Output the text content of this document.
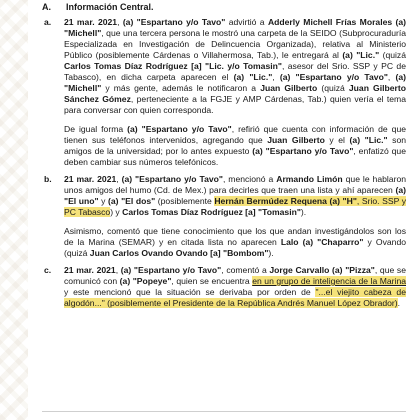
A. Información Central.
a.	21 mar. 2021, (a) "Espartano y/o Tavo" advirtió a Adderly Michell Frías Morales (a) "Michell", que una tercera persona le mostró una carpeta de la SEIDO (Subprocuraduría Especializada en Investigación de Delincuencia Organizada), relativa al Ministerio Público (posiblemente Cárdenas o Villahermosa, Tab.), le entregará al (a) "Lic." (quizá Carlos Tomas Díaz Rodríguez [a] "Lic. y/o Tomasin", asesor del Srio. SSP y PC de Tabasco), en dicha carpeta aparecen el (a) "Lic.", (a) "Espartano y/o Tavo", (a) "Michell" y más gente, además le notificaron a Juan Gilberto (quizá Juan Gilberto Sánchez Gómez, perteneciente a la FGJE y AMP Cárdenas, Tab.) quien vería el tema para conversar con quien corresponda.

De igual forma (a) "Espartano y/o Tavo", refirió que cuenta con información de que tienen sus teléfonos intervenidos, agregando que Juan Gilberto y el (a) "Lic." son amigos de la universidad; por lo antes expuesto (a) "Espartano y/o Tavo", enfatizó que deben cambiar sus números telefónicos.

b.	21 mar. 2021, (a) "Espartano y/o Tavo", mencionó a Armando Limón que le hablaron unos amigos del humo (Cd. de Mex.) para decirles que traen una lista y ahí aparecen (a) "El uno" y (a) "El dos" (posiblemente Hernán Bermúdez Requena (a) "H", Srio. SSP y PC Tabasco) y Carlos Tomas Díaz Rodríguez [a] "Tomasin").

Asimismo, comentó que tiene conocimiento que los que andan investigándolos son los de la Marina (SEMAR) y en citada lista no aparecen Lalo (a) "Chaparro" y Ovando (quizá Juan Carlos Ovando Ovando [a] "Bombom").

c.	21 mar. 2021, (a) "Espartano y/o Tavo", comentó a Jorge Carvallo (a) "Pizza", que se comunicó con (a) "Popeye", quien se encuentra en un grupo de inteligencia de la Marina y este mencionó que la situación se derivaba por orden de "...el viejito cabeza de algodón..." (posiblemente el Presidente de la República Andrés Manuel López Obrador).
